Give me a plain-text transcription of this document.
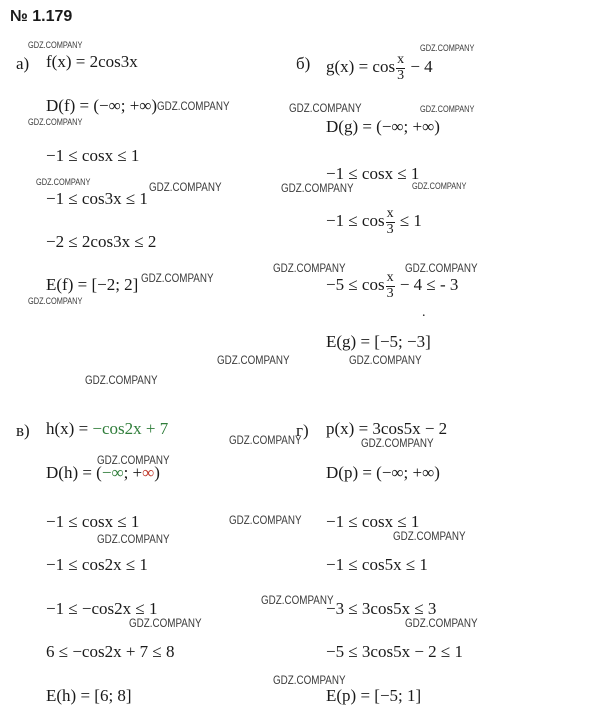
№ 1.179
а) f(x) = 2cos3x
D(f) = (−∞; +∞)
−1 ≤ cosx ≤ 1
−1 ≤ cos3x ≤ 1
−2 ≤ 2cos3x ≤ 2
E(f) = [−2; 2]
б) $g(x) = \cos \frac{x}{3} - 4$
D(g) = (−∞; +∞)
−1 ≤ cosx ≤ 1
$-1 \le \cos \frac{x}{3} \le 1$
$-5 \le \cos \frac{x}{3} - 4$ ≤ - 3
.
E(g) = [−5; −3]
в) h(x) = −cos2x + 7
D(h) = (−∞; +∞)
−1 ≤ cosx ≤ 1
−1 ≤ cos2x ≤ 1
−1 ≤ −cos2x ≤ 1
6 ≤ −cos2x + 7 ≤ 8
E(h) = [6; 8]
г) p(x) = 3cos5x − 2
D(p) = (−∞; +∞)
−1 ≤ cosx ≤ 1
−1 ≤ cos5x ≤ 1
−3 ≤ 3cos5x ≤ 3
−5 ≤ 3cos5x − 2 ≤ 1
E(p) = [−5; 1]
GDZ.COMPANY	GDZ.COMPANY
GDZ.COMPANY	GDZ.COMPANY	GDZ.COMPANY
GDZ.COMPANY
GDZ.COMPANY	GDZ.COMPANY	GDZ.COMPANY	GDZ.COMPANY
GDZ.COMPANY	GDZ.COMPANY
GDZ.COMPANY
GDZ.COMPANY
GDZ.COMPANY	GDZ.COMPANY
GDZ.COMPANY
GDZ.COMPANY	GDZ.COMPANY
GDZ.COMPANY
GDZ.COMPANY
GDZ.COMPANY	GDZ.COMPANY
GDZ.COMPANY
GDZ.COMPANY	GDZ.COMPANY
GDZ.COMPANY
